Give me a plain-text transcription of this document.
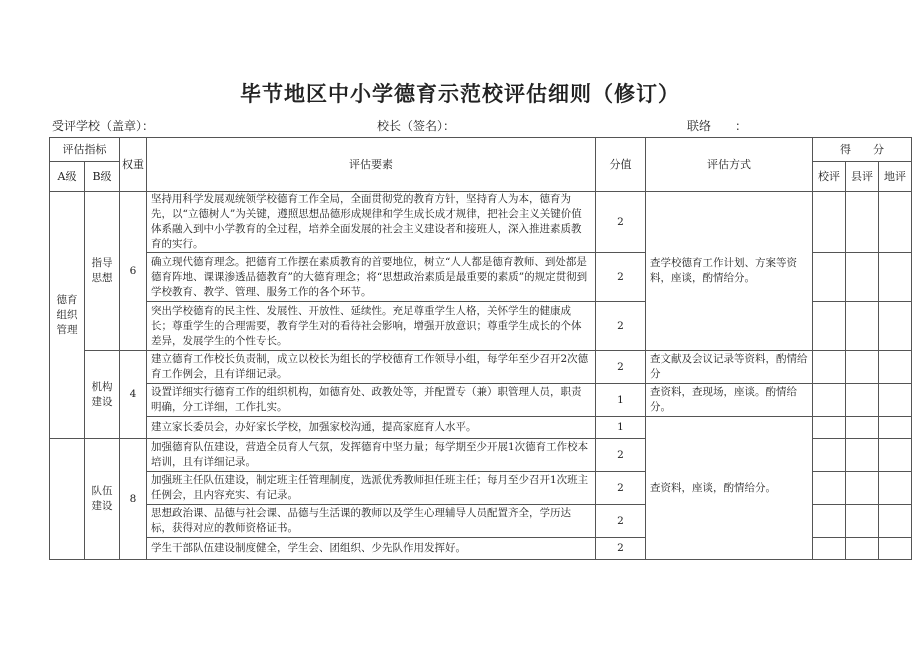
毕节地区中小学德育示范校评估细则（修订）
受评学校（盖章）：	校长（签名）：	联络　　：
评估指标		权重	评估要素	分值	评估方式	得　　分		
A级	B级					校评	县评	地评
德育组织管理	指导思想	6	坚持用科学发展观统领学校德育工作全局，全面贯彻党的教育方针，坚持育人为本，德育为先，以“立德树人”为关键，遵照思想品德形成规律和学生成长成才规律，把社会主义关键价值体系融入到中小学教育的全过程，培养全面发展的社会主义建设者和接班人，深入推进素质教育的实行。	2	查学校德育工作计划、方案等资料，座谈，酌情给分。			
			确立现代德育理念。把德育工作摆在素质教育的首要地位，树立“人人都是德育教师、到处都是德育阵地、课课渗透品德教育”的大德育理念；将“思想政治素质是最重要的素质”的规定贯彻到学校教育、教学、管理、服务工作的各个环节。	2				
			突出学校德育的民主性、发展性、开放性、延续性。充足尊重学生人格，关怀学生的健康成长；尊重学生的合理需要，教育学生对的看待社会影响，增强开放意识；尊重学生成长的个体差异，发展学生的个性专长。	2				
	机构建设	4	建立德育工作校长负责制，成立以校长为组长的学校德育工作领导小组，每学年至少召开2次德育工作例会，且有详细记录。	2	查文献及会议记录等资料，酌情给分			
			设置详细实行德育工作的组织机构，如德育处、政教处等，并配置专（兼）职管理人员，职责明确，分工详细，工作扎实。	1	查资料，查现场，座谈。酌情给分。			
			建立家长委员会，办好家长学校，加强家校沟通，提高家庭育人水平。	1	查资料，座谈，酌情给分。			
	队伍建设	8	加强德育队伍建设，营造全员育人气氛，发挥德育中坚力量；每学期至少开展1次德育工作校本培训，且有详细记录。	2				
			加强班主任队伍建设，制定班主任管理制度，选派优秀教师担任班主任；每月至少召开1次班主任例会，且内容充实、有记录。	2				
			思想政治课、品德与社会课、品德与生活课的教师以及学生心理辅导人员配置齐全，学历达标，获得对应的教师资格证书。	2				
			学生干部队伍建设制度健全，学生会、团组织、少先队作用发挥好。	2				
